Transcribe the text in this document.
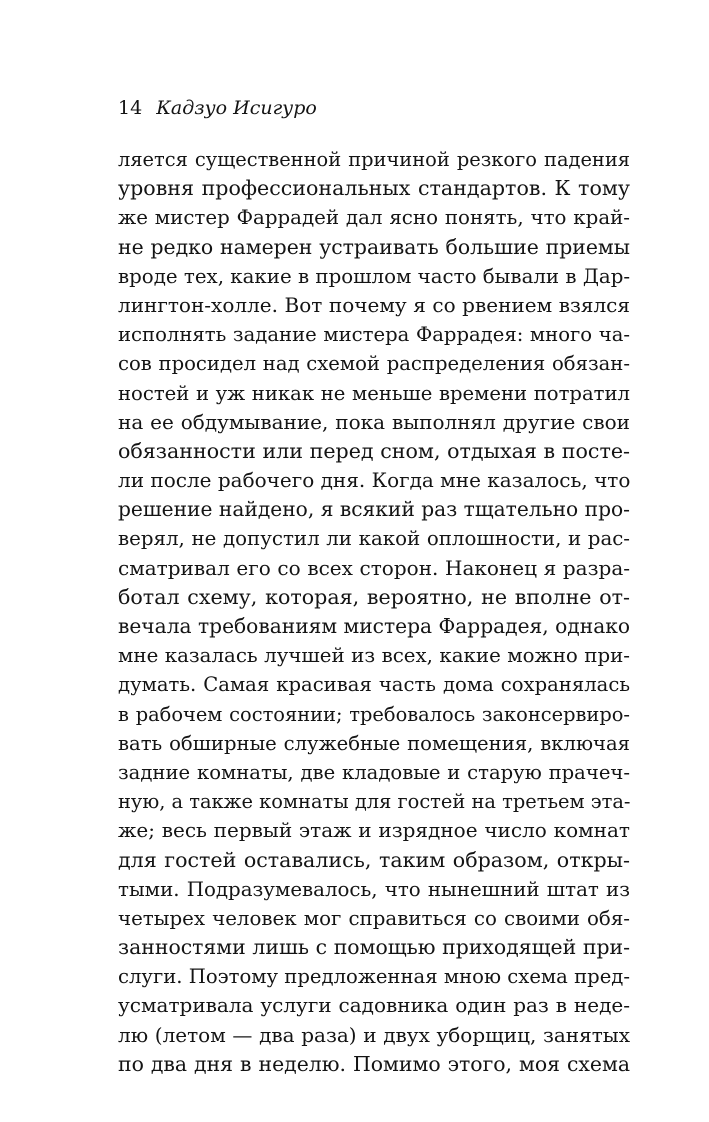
14 Кадзуо Исигуро
ляется существенной причиной резкого падения
уровня профессиональных стандартов. К тому
же мистер Фаррадей дал ясно понять, что край-
не редко намерен устраивать большие приемы
вроде тех, какие в прошлом часто бывали в Дар-
лингтон-холле. Вот почему я со рвением взялся
исполнять задание мистера Фаррадея: много ча-
сов просидел над схемой распределения обязан-
ностей и уж никак не меньше времени потратил
на ее обдумывание, пока выполнял другие свои
обязанности или перед сном, отдыхая в посте-
ли после рабочего дня. Когда мне казалось, что
решение найдено, я всякий раз тщательно про-
верял, не допустил ли какой оплошности, и рас-
сматривал его со всех сторон. Наконец я разра-
ботал схему, которая, вероятно, не вполне от-
вечала требованиям мистера Фаррадея, однако
мне казалась лучшей из всех, какие можно при-
думать. Самая красивая часть дома сохранялась
в рабочем состоянии; требовалось законсервиро-
вать обширные служебные помещения, включая
задние комнаты, две кладовые и старую прачеч-
ную, а также комнаты для гостей на третьем эта-
же; весь первый этаж и изрядное число комнат
для гостей оставались, таким образом, откры-
тыми. Подразумевалось, что нынешний штат из
четырех человек мог справиться со своими обя-
занностями лишь с помощью приходящей при-
слуги. Поэтому предложенная мною схема пред-
усматривала услуги садовника один раз в неде-
лю (летом — два раза) и двух уборщиц, занятых
по два дня в неделю. Помимо этого, моя схема
